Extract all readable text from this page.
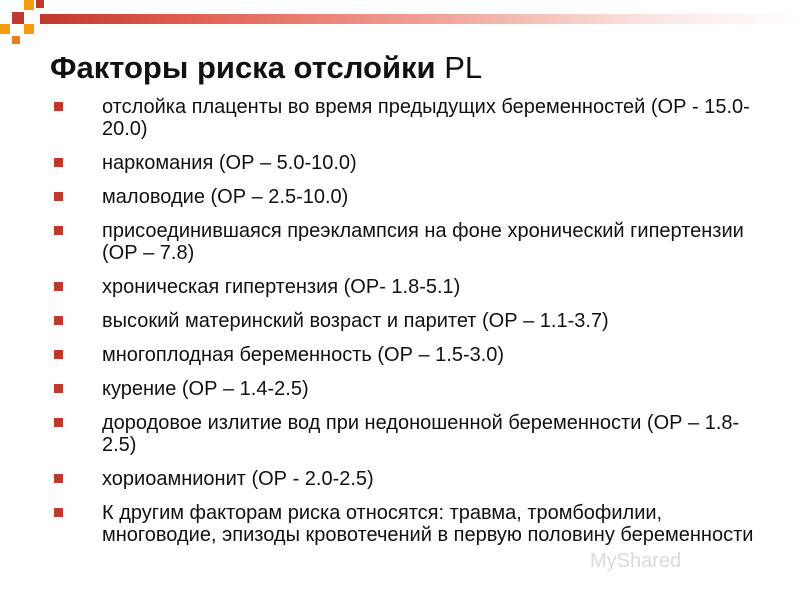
Факторы риска отслойки PL
отслойка плаценты во время предыдущих беременностей (ОР - 15.0-20.0)
наркомания (ОР – 5.0-10.0)
маловодие (ОР – 2.5-10.0)
присоединившаяся преэклампсия на фоне хронический гипертензии (ОР – 7.8)
хроническая гипертензия (ОР- 1.8-5.1)
высокий материнский возраст и паритет (ОР – 1.1-3.7)
многоплодная беременность (ОР – 1.5-3.0)
курение (ОР – 1.4-2.5)
дородовое излитие вод при недоношенной беременности (ОР – 1.8-2.5)
хориоамнионит (ОР - 2.0-2.5)
К другим факторам риска относятся: травма, тромбофилии, многоводие, эпизоды кровотечений в первую половину беременности
MyShared
